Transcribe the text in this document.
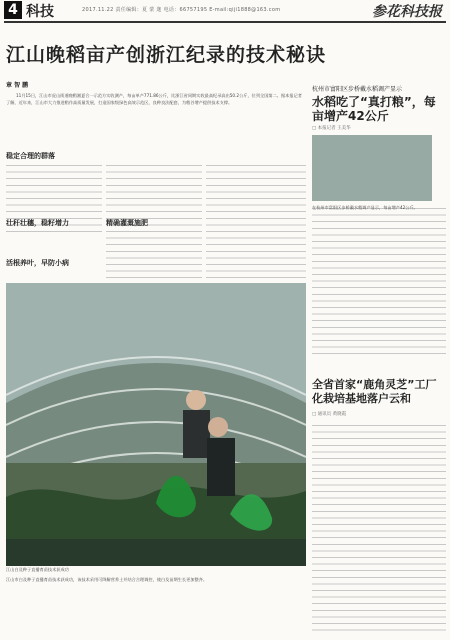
4 科技	2017.11.22 责任编辑：夏 蒙 迦 电话：66757195 E-mail:qiji1888@163.com	参花科技报
江山晚稻亩产创浙江纪录的技术秘诀
章 智 鹏
11月15日，江山市虎山街道晚稻湘夏合一示范方实收测产，每亩单产771.86公斤，比浙江省同期实收最高纪录高出50.2公斤，位列全国第二。据本报记者了解，近年来，江山市大力推进稻作高质量发展，打造国家级绿色高效示范区，良种良法配套，为稻谷增产提供技术支撑。
稳定合理的群落
壮秆壮穗，稳籽增力
活根养叶，早防小病
精确灌溉施肥
江山白及种子直播育苗技术获成功
江山市白及种子直播育苗技术获成功，该技术采用可降解营养土并结合合理调控，使白及苗期生长更加整齐。
杭州市富阳区步桥戴水稻调产显示
水稻吃了“真打粮”，每亩增产42公斤
□ 本报记者 王美华
在杭州市富阳区步桥戴水稻调产显示，每亩增产42公斤。
全省首家“鹿角灵芝”工厂化栽培基地落户云和
□ 通讯员 黄晓霞
